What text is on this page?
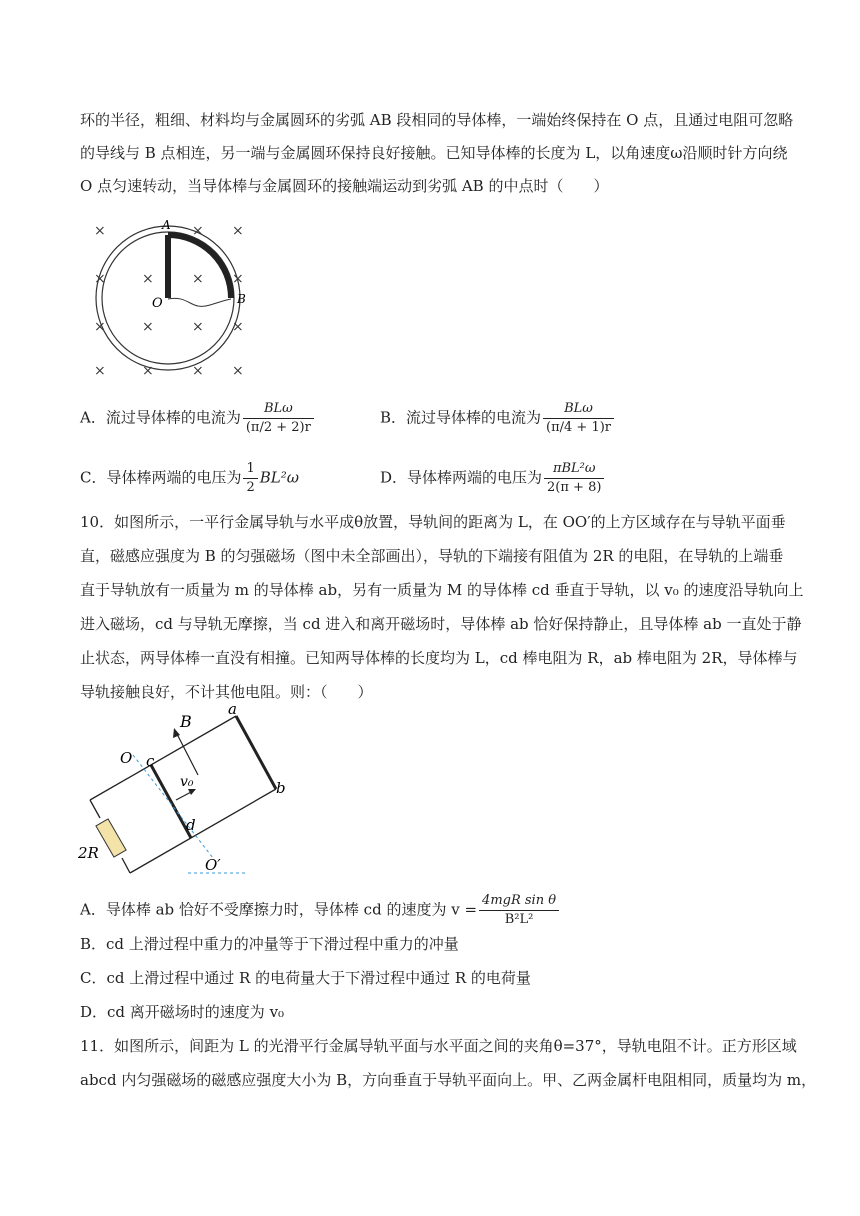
环的半径，粗细、材料均与金属圆环的劣弧 AB 段相同的导体棒，一端始终保持在 O 点，且通过电阻可忽略
的导线与 B 点相连，另一端与金属圆环保持良好接触。已知导体棒的长度为 L，以角速度ω沿顺时针方向绕
O 点匀速转动，当导体棒与金属圆环的接触端运动到劣弧 AB 的中点时（　　）
×	× ×
×	×	× ×
×	×	× ×
×	×	× ×
A
O	B
A．流过导体棒的电流为 $\frac{\text{BLω}}{(\pi/2 + 2)r}$	B．流过导体棒的电流为 $\frac{\text{BLω}}{(\pi/4 + 1)r}$
C．导体棒两端的电压为 $\frac{1}{2} BL^2\omega$	D．导体棒两端的电压为 $\frac{\text{πBL²ω}}{2(\pi + 8)}$
10．如图所示，一平行金属导轨与水平成θ放置，导轨间的距离为 L，在 OO′的上方区域存在与导轨平面垂
直，磁感应强度为 B 的匀强磁场（图中未全部画出），导轨的下端接有阻值为 2R 的电阻，在导轨的上端垂
直于导轨放有一质量为 m 的导体棒 ab，另有一质量为 M 的导体棒 cd 垂直于导轨，以 v₀ 的速度沿导轨向上
进入磁场，cd 与导轨无摩擦，当 cd 进入和离开磁场时，导体棒 ab 恰好保持静止，且导体棒 ab 一直处于静
止状态，两导体棒一直没有相撞。已知两导体棒的长度均为 L，cd 棒电阻为 R，ab 棒电阻为 2R，导体棒与
导轨接触良好，不计其他电阻。则：（　　）
B
a
b
O c
v₀
d
O′
2R
A．导体棒 ab 恰好不受摩擦力时，导体棒 cd 的速度为 $v = \frac{\text{4mgR sin θ}}{\text{B²L²}}$
B．cd 上滑过程中重力的冲量等于下滑过程中重力的冲量
C．cd 上滑过程中通过 R 的电荷量大于下滑过程中通过 R 的电荷量
D．cd 离开磁场时的速度为 v₀
11．如图所示，间距为 L 的光滑平行金属导轨平面与水平面之间的夹角θ=37°，导轨电阻不计。正方形区域
abcd 内匀强磁场的磁感应强度大小为 B，方向垂直于导轨平面向上。甲、乙两金属杆电阻相同，质量均为 m，
